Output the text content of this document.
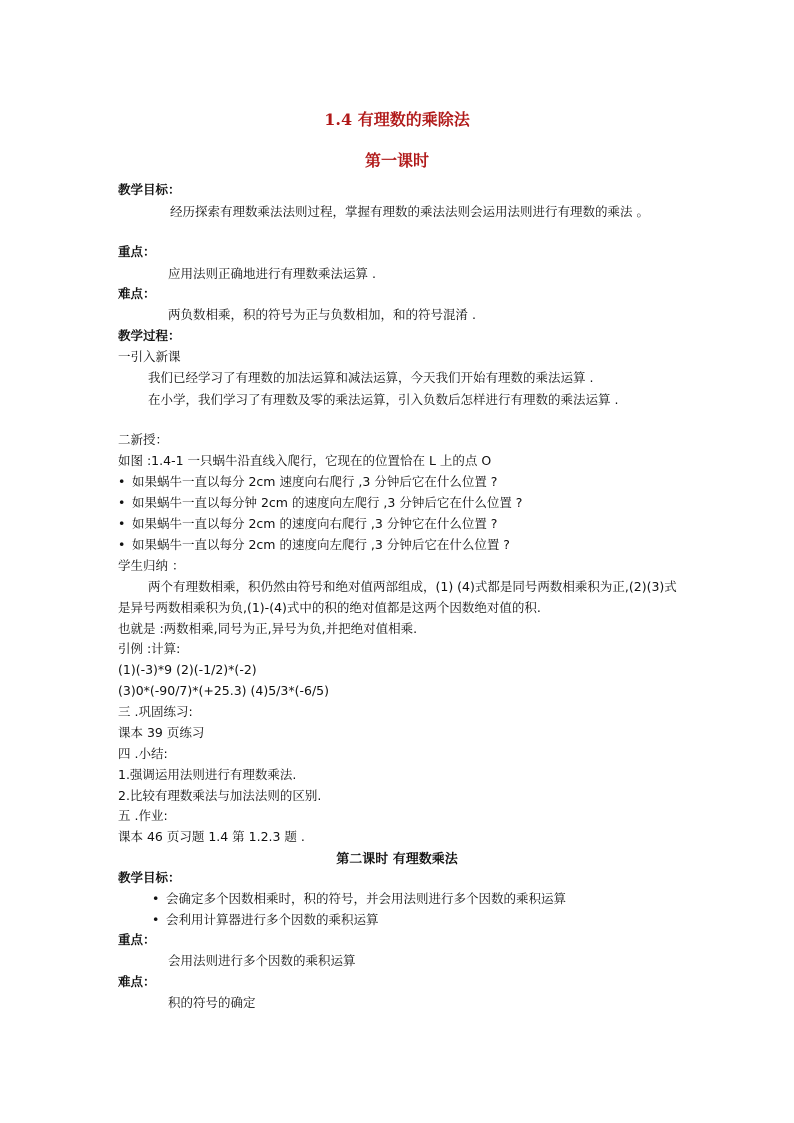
1.4 有理数的乘除法
第一课时
教学目标：
经历探索有理数乘法法则过程，掌握有理数的乘法法则会运用法则进行有理数的乘法 。
重点：
应用法则正确地进行有理数乘法运算 .
难点：
两负数相乘，积的符号为正与负数相加，和的符号混淆 .
教学过程：
一引入新课
我们已经学习了有理数的加法运算和减法运算，今天我们开始有理数的乘法运算 .
在小学，我们学习了有理数及零的乘法运算，引入负数后怎样进行有理数的乘法运算 .
二新授：
如图 :1.4-1 一只蜗牛沿直线入爬行，它现在的位置恰在 L 上的点 O
• 如果蜗牛一直以每分 2cm 速度向右爬行 ,3 分钟后它在什么位置 ?
• 如果蜗牛一直以每分钟 2cm 的速度向左爬行 ,3 分钟后它在什么位置 ?
• 如果蜗牛一直以每分 2cm 的速度向右爬行 ,3 分钟它在什么位置 ?
• 如果蜗牛一直以每分 2cm 的速度向左爬行 ,3 分钟后它在什么位置 ?
学生归纳 ：
两个有理数相乘，积仍然由符号和绝对值两部组成，(1) (4)式都是同号两数相乘积为正,(2)(3)式是异号两数相乘积为负,(1)-(4)式中的积的绝对值都是这两个因数绝对值的积.
也就是 :两数相乘,同号为正,异号为负,并把绝对值相乘.
引例 :计算:
(1)(-3)*9 (2)(-1/2)*(-2)
(3)0*(-90/7)*(+25.3) (4)5/3*(-6/5)
三 .巩固练习:
课本 39 页练习
四 .小结:
1.强调运用法则进行有理数乘法.
2.比较有理数乘法与加法法则的区别.
五 .作业:
课本 46 页习题 1.4 第 1.2.3 题 .
第二课时 有理数乘法
教学目标：
• 会确定多个因数相乘时，积的符号，并会用法则进行多个因数的乘积运算
• 会利用计算器进行多个因数的乘积运算
重点：
会用法则进行多个因数的乘积运算
难点：
积的符号的确定
